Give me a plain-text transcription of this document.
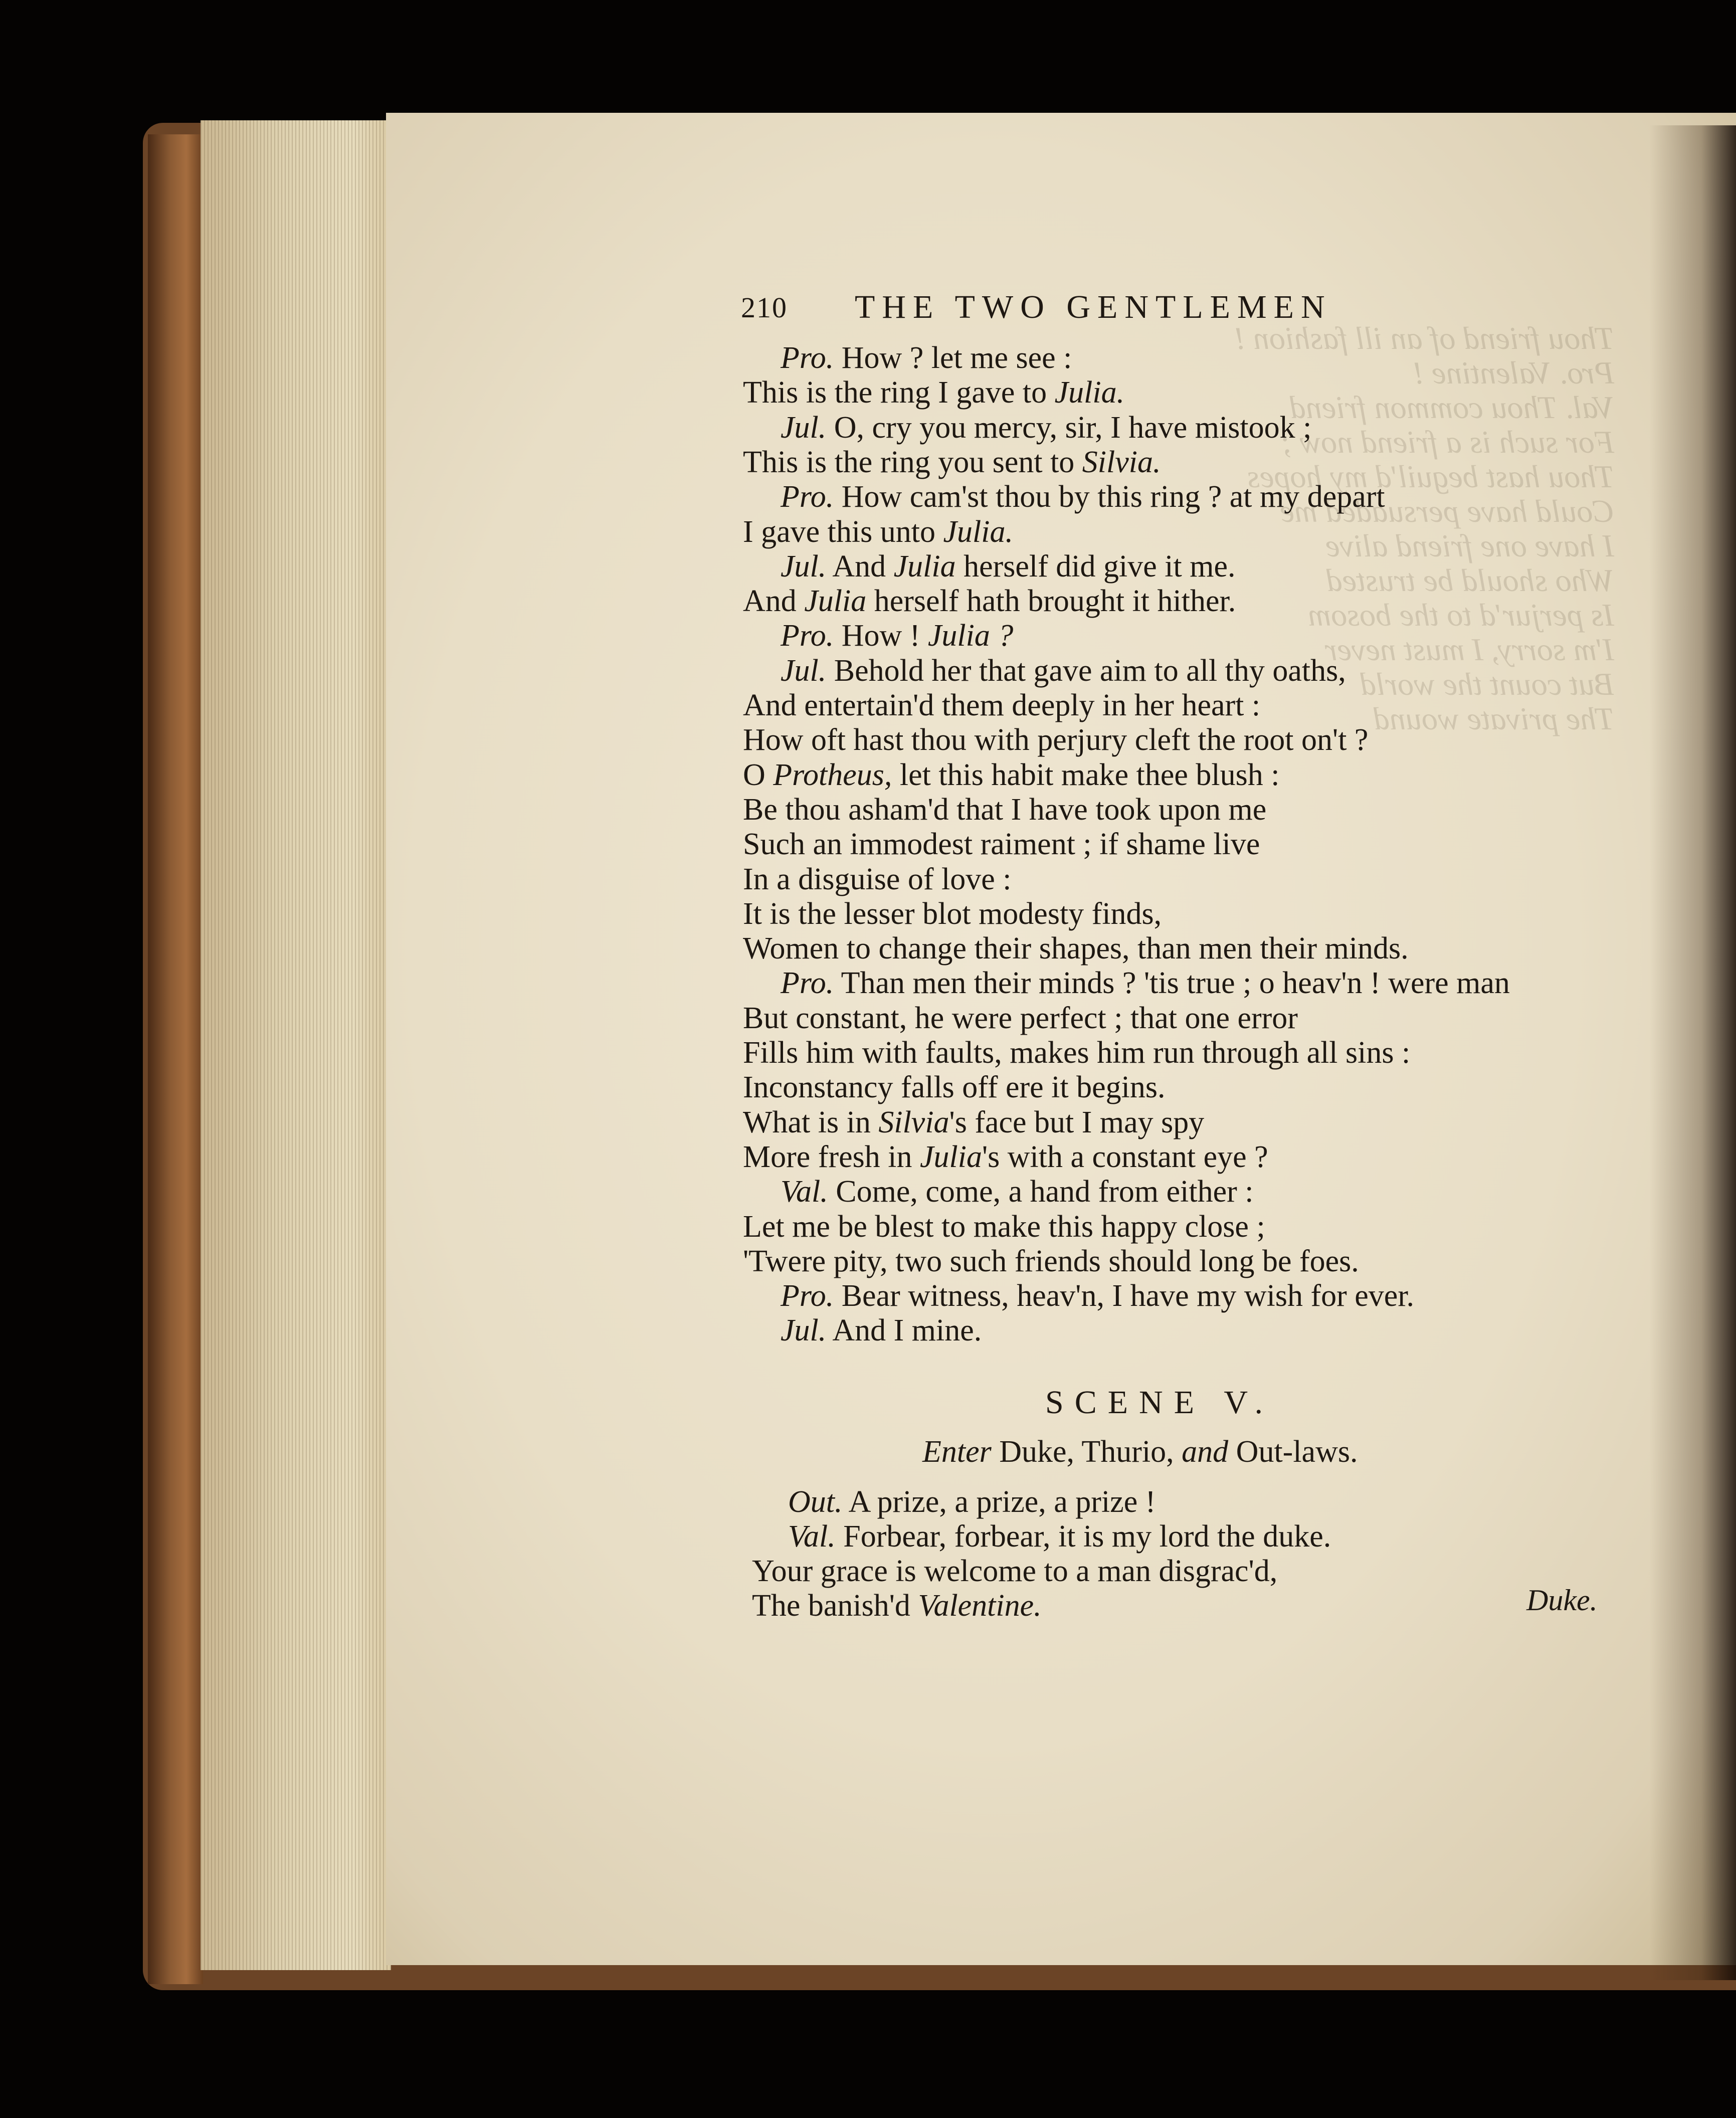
Thou friend of an ill fashion !
Pro. Valentine !
Val. Thou common friend
For such is a friend now ;
Thou hast beguil'd my hopes
Could have persuaded me
I have one friend alive
Who should be trusted
Is perjur'd to the bosom
I'm sorry, I must never
But count the world
The private wound
210 THE TWO GENTLEMEN
Pro. How ? let me see :
This is the ring I gave to Julia.
Jul. O, cry you mercy, sir, I have mistook ;
This is the ring you sent to Silvia.
Pro. How cam'st thou by this ring ? at my depart
I gave this unto Julia.
Jul. And Julia herself did give it me.
And Julia herself hath brought it hither.
Pro. How ! Julia ?
Jul. Behold her that gave aim to all thy oaths,
And entertain'd them deeply in her heart :
How oft hast thou with perjury cleft the root on't ?
O Protheus, let this habit make thee blush :
Be thou asham'd that I have took upon me
Such an immodest raiment ; if shame live
In a disguise of love :
It is the lesser blot modesty finds,
Women to change their shapes, than men their minds.
Pro. Than men their minds ? 'tis true ; o heav'n ! were man
But constant, he were perfect ; that one error
Fills him with faults, makes him run through all sins :
Inconstancy falls off ere it begins.
What is in Silvia's face but I may spy
More fresh in Julia's with a constant eye ?
Val. Come, come, a hand from either :
Let me be blest to make this happy close ;
'Twere pity, two such friends should long be foes.
Pro. Bear witness, heav'n, I have my wish for ever.
Jul. And I mine.
Out. A prize, a prize, a prize !
Val. Forbear, forbear, it is my lord the duke.
Your grace is welcome to a man disgrac'd,
The banish'd Valentine.
SCENE V.
Enter Duke, Thurio, and Out-laws.
Duke.
